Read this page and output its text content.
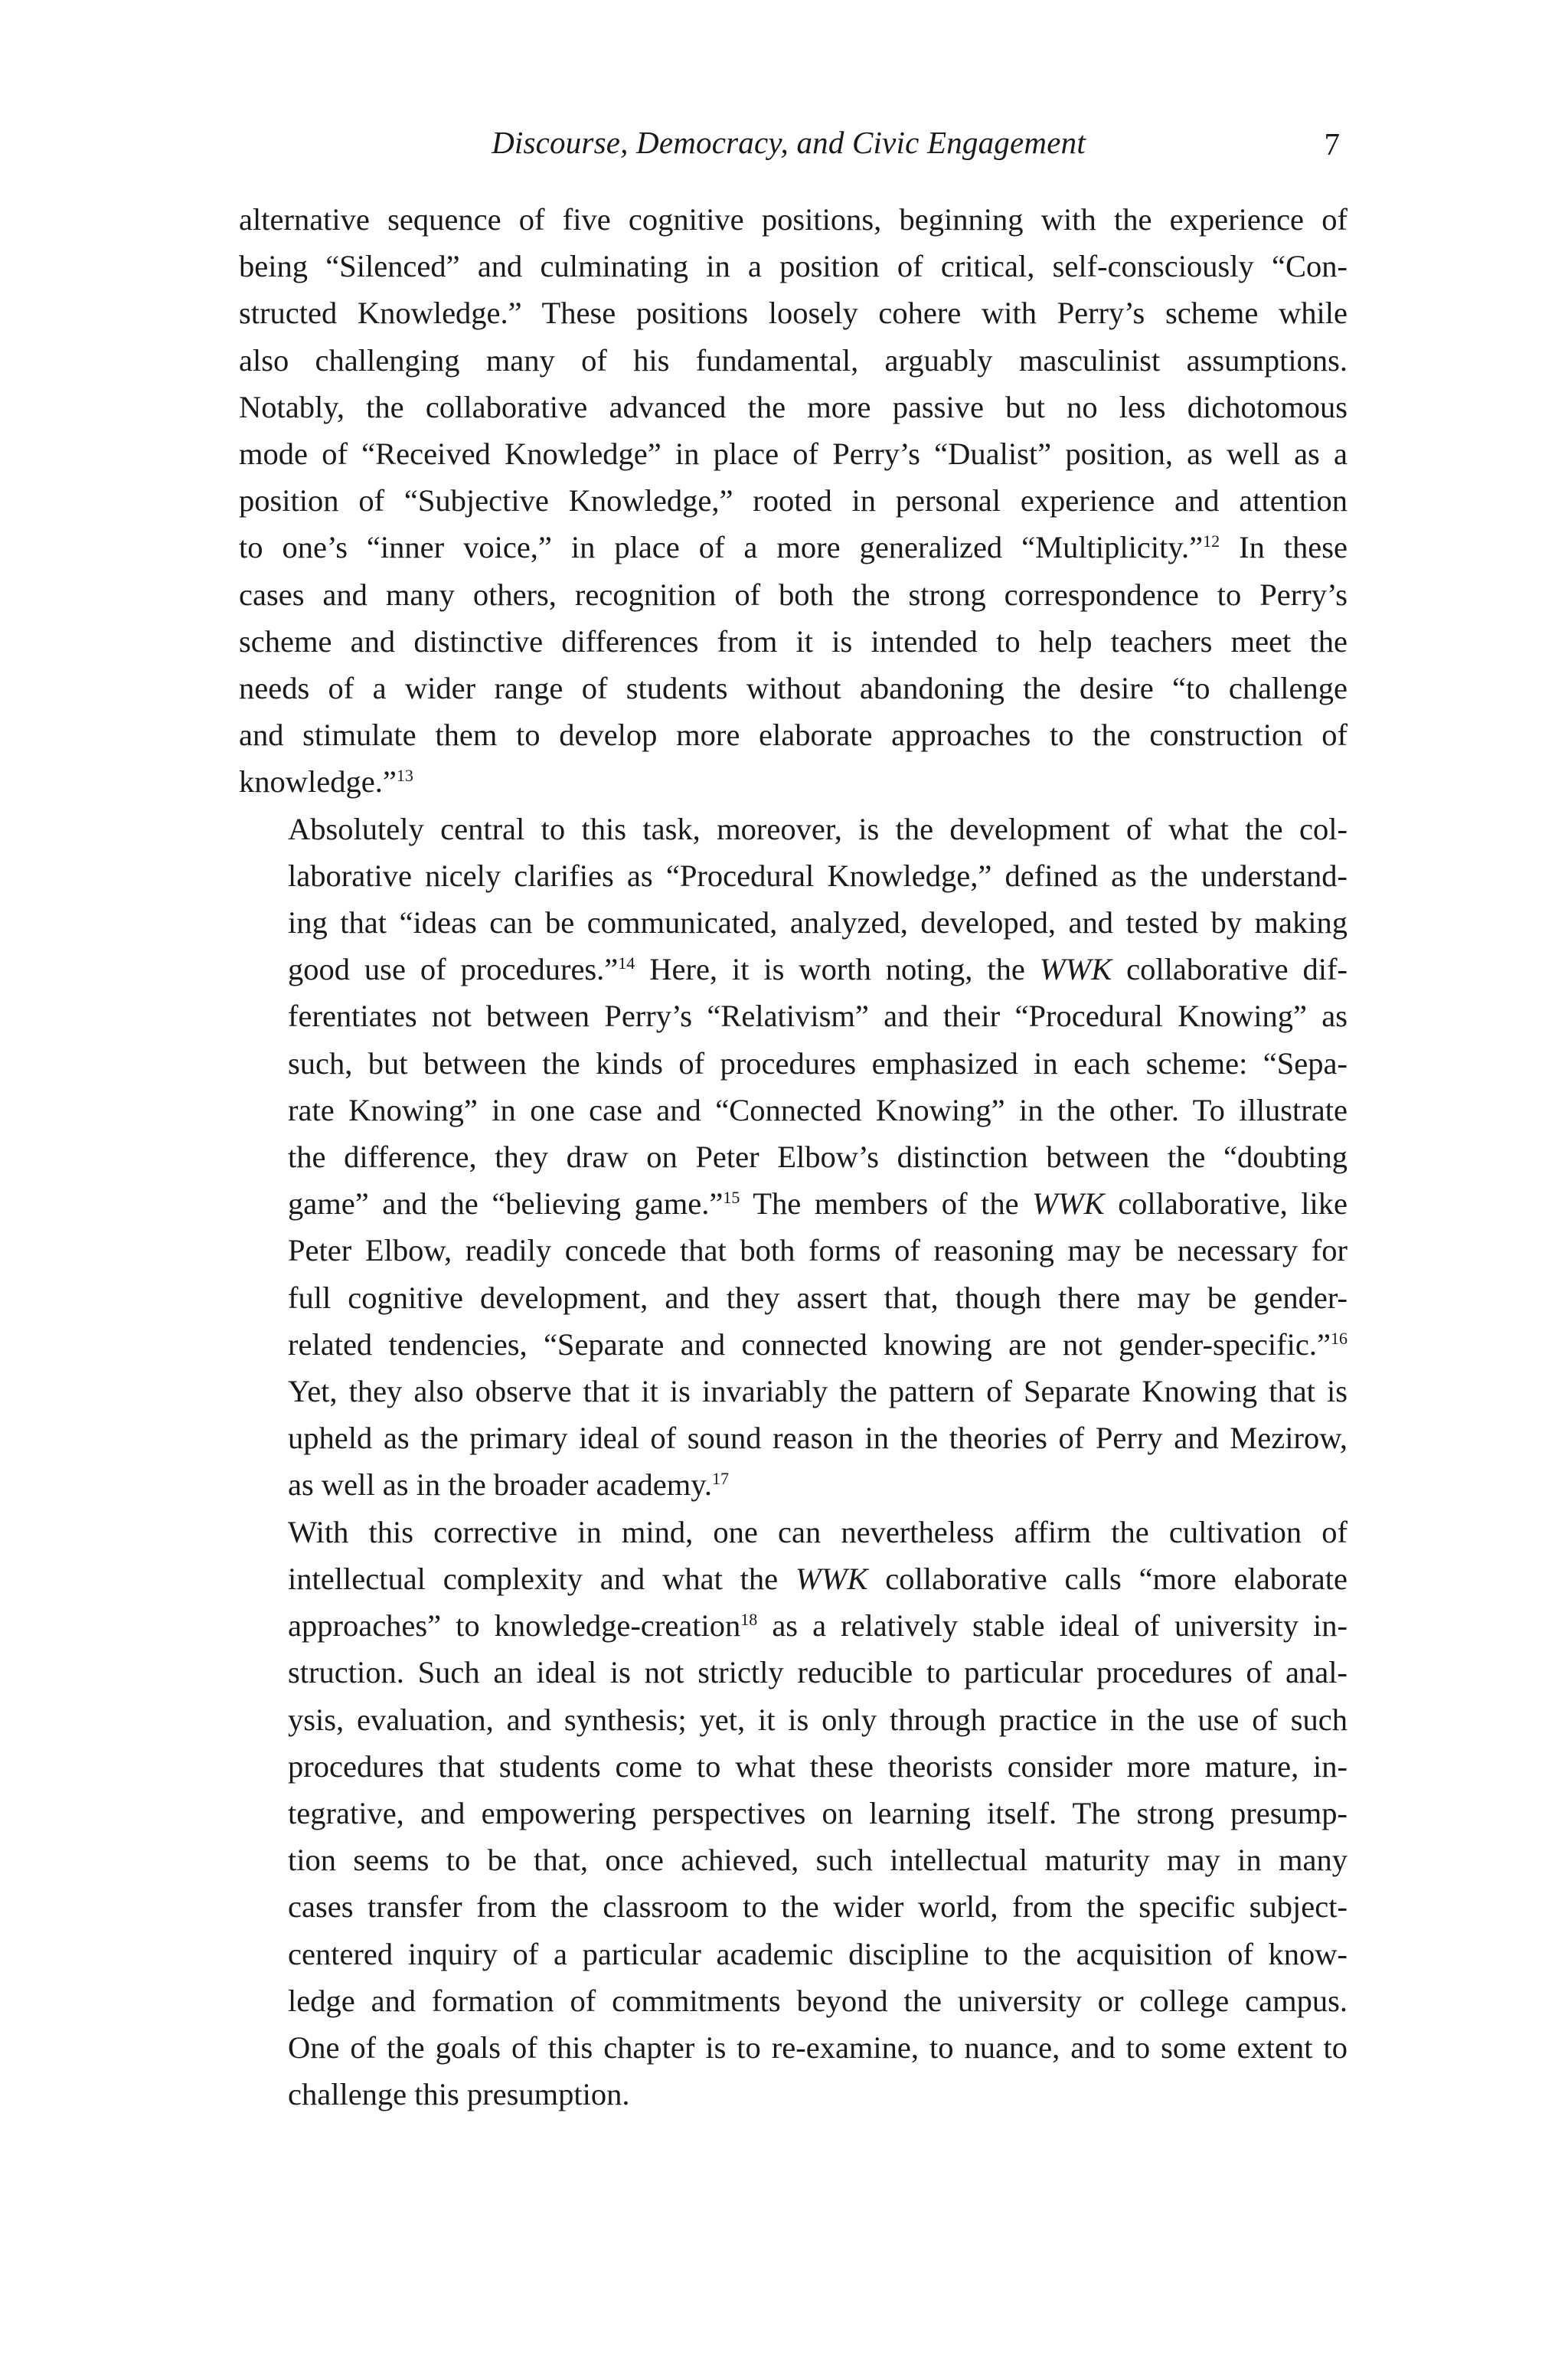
Discourse, Democracy, and Civic Engagement	7

alternative sequence of five cognitive positions, beginning with the experience of
being “Silenced” and culminating in a position of critical, self-consciously “Con-
structed Knowledge.” These positions loosely cohere with Perry’s scheme while
also challenging many of his fundamental, arguably masculinist assumptions.
Notably, the collaborative advanced the more passive but no less dichotomous
mode of “Received Knowledge” in place of Perry’s “Dualist” position, as well as a
position of “Subjective Knowledge,” rooted in personal experience and attention
to one’s “inner voice,” in place of a more generalized “Multiplicity.”$^{12}$ In these
cases and many others, recognition of both the strong correspondence to Perry’s
scheme and distinctive differences from it is intended to help teachers meet the
needs of a wider range of students without abandoning the desire “to challenge
and stimulate them to develop more elaborate approaches to the construction of
knowledge.”$^{13}$

Absolutely central to this task, moreover, is the development of what the col-
laborative nicely clarifies as “Procedural Knowledge,” defined as the understand-
ing that “ideas can be communicated, analyzed, developed, and tested by making
good use of procedures.”$^{14}$ Here, it is worth noting, the WWK collaborative dif-
ferentiates not between Perry’s “Relativism” and their “Procedural Knowing” as
such, but between the kinds of procedures emphasized in each scheme: “Sepa-
rate Knowing” in one case and “Connected Knowing” in the other. To illustrate
the difference, they draw on Peter Elbow’s distinction between the “doubting
game” and the “believing game.”$^{15}$ The members of the WWK collaborative, like
Peter Elbow, readily concede that both forms of reasoning may be necessary for
full cognitive development, and they assert that, though there may be gender-
related tendencies, “Separate and connected knowing are not gender-specific.”$^{16}$
Yet, they also observe that it is invariably the pattern of Separate Knowing that is
upheld as the primary ideal of sound reason in the theories of Perry and Mezirow,
as well as in the broader academy.$^{17}$

With this corrective in mind, one can nevertheless affirm the cultivation of
intellectual complexity and what the WWK collaborative calls “more elaborate
approaches” to knowledge-creation$^{18}$ as a relatively stable ideal of university in-
struction. Such an ideal is not strictly reducible to particular procedures of anal-
ysis, evaluation, and synthesis; yet, it is only through practice in the use of such
procedures that students come to what these theorists consider more mature, in-
tegrative, and empowering perspectives on learning itself. The strong presump-
tion seems to be that, once achieved, such intellectual maturity may in many
cases transfer from the classroom to the wider world, from the specific subject-
centered inquiry of a particular academic discipline to the acquisition of know-
ledge and formation of commitments beyond the university or college campus.
One of the goals of this chapter is to re-examine, to nuance, and to some extent to
challenge this presumption.
